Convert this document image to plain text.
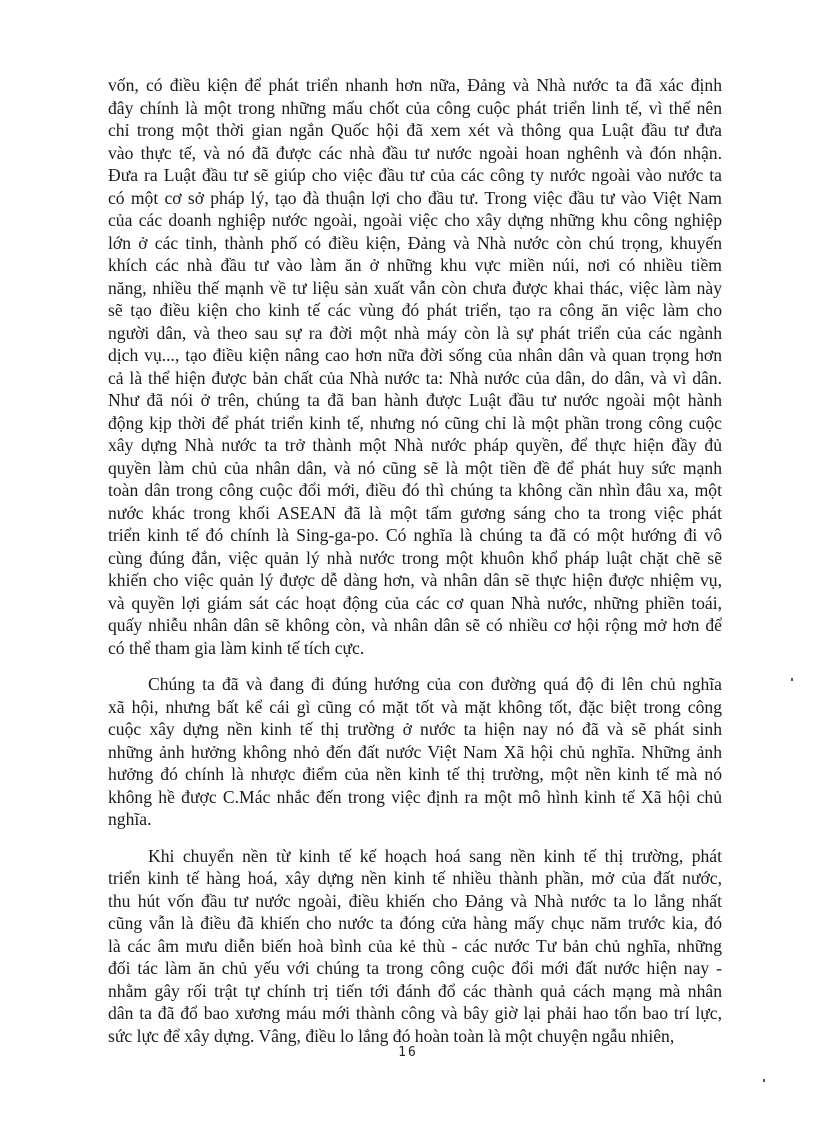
vốn, có điều kiện để phát triển nhanh hơn nữa, Đảng và Nhà nước ta đã xác định
đây chính là một trong những mấu chốt của công cuộc phát triển linh tế, vì thế nên
chỉ trong một thời gian ngắn Quốc hội đã xem xét và thông qua Luật đầu tư đưa
vào thực tế, và nó đã được các nhà đầu tư nước ngoài hoan nghênh và đón nhận.
Đưa ra Luật đầu tư sẽ giúp cho việc đầu tư của các công ty nước ngoài vào nước ta
có một cơ sở pháp lý, tạo đà thuận lợi cho đầu tư. Trong việc đầu tư vào Việt Nam
của các doanh nghiệp nước ngoài, ngoài việc cho xây dựng những khu công nghiệp
lớn ở các tỉnh, thành phố có điều kiện, Đảng và Nhà nước còn chú trọng, khuyến
khích các nhà đầu tư vào làm ăn ở những khu vực miền núi, nơi có nhiều tiềm
năng, nhiều thế mạnh về tư liệu sản xuất vẫn còn chưa được khai thác, việc làm này
sẽ tạo điều kiện cho kinh tế các vùng đó phát triển, tạo ra công ăn việc làm cho
người dân, và theo sau sự ra đời một nhà máy còn là sự phát triển của các ngành
dịch vụ..., tạo điều kiện nâng cao hơn nữa đời sống của nhân dân và quan trọng hơn
cả là thể hiện được bản chất của Nhà nước ta: Nhà nước của dân, do dân, và vì dân.
Như đã nói ở trên, chúng ta đã ban hành được Luật đầu tư nước ngoài một hành
động kịp thời để phát triển kinh tế, nhưng nó cũng chỉ là một phần trong công cuộc
xây dựng Nhà nước ta trở thành một Nhà nước pháp quyền, để thực hiện đầy đủ
quyền làm chủ của nhân dân, và nó cũng sẽ là một tiền đề để phát huy sức mạnh
toàn dân trong công cuộc đổi mới, điều đó thì chúng ta không cần nhìn đâu xa, một
nước khác trong khối ASEAN đã là một tấm gương sáng cho ta trong việc phát
triển kinh tế đó chính là Sing-ga-po. Có nghĩa là chúng ta đã có một hướng đi vô
cùng đúng đắn, việc quản lý nhà nước trong một khuôn khổ pháp luật chặt chẽ sẽ
khiến cho việc quản lý được dễ dàng hơn, và nhân dân sẽ thực hiện được nhiệm vụ,
và quyền lợi giám sát các hoạt động của các cơ quan Nhà nước, những phiền toái,
quấy nhiễu nhân dân sẽ không còn, và nhân dân sẽ có nhiều cơ hội rộng mở hơn để
có thể tham gia làm kinh tế tích cực.

Chúng ta đã và đang đi đúng hướng của con đường quá độ đi lên chủ nghĩa
xã hội, nhưng bất kể cái gì cũng có mặt tốt và mặt không tốt, đặc biệt trong công
cuộc xây dựng nền kinh tế thị trường ở nước ta hiện nay nó đã và sẽ phát sinh
những ảnh hưởng không nhỏ đến đất nước Việt Nam Xã hội chủ nghĩa. Những ảnh
hưởng đó chính là nhược điểm của nền kinh tế thị trường, một nền kinh tế mà nó
không hề được C.Mác nhắc đến trong việc định ra một mô hình kinh tế Xã hội chủ
nghĩa.

Khi chuyển nền từ kinh tế kế hoạch hoá sang nền kinh tế thị trường, phát
triển kinh tế hàng hoá, xây dựng nền kinh tế nhiều thành phần, mở của đất nước,
thu hút vốn đầu tư nước ngoài, điều khiến cho Đảng và Nhà nước ta lo lắng nhất
cũng vẫn là điều đã khiến cho nước ta đóng cửa hàng mấy chục năm trước kia, đó
là các âm mưu diễn biến hoà bình của kẻ thù - các nước Tư bản chủ nghĩa, những
đối tác làm ăn chủ yếu với chúng ta trong công cuộc đổi mới đất nước hiện nay -
nhằm gây rối trật tự chính trị tiến tới đánh đổ các thành quả cách mạng mà nhân
dân ta đã đổ bao xương máu mới thành công và bây giờ lại phải hao tổn bao trí lực,
sức lực để xây dựng. Vâng, điều lo lắng đó hoàn toàn là một chuyện ngẫu nhiên,

16
